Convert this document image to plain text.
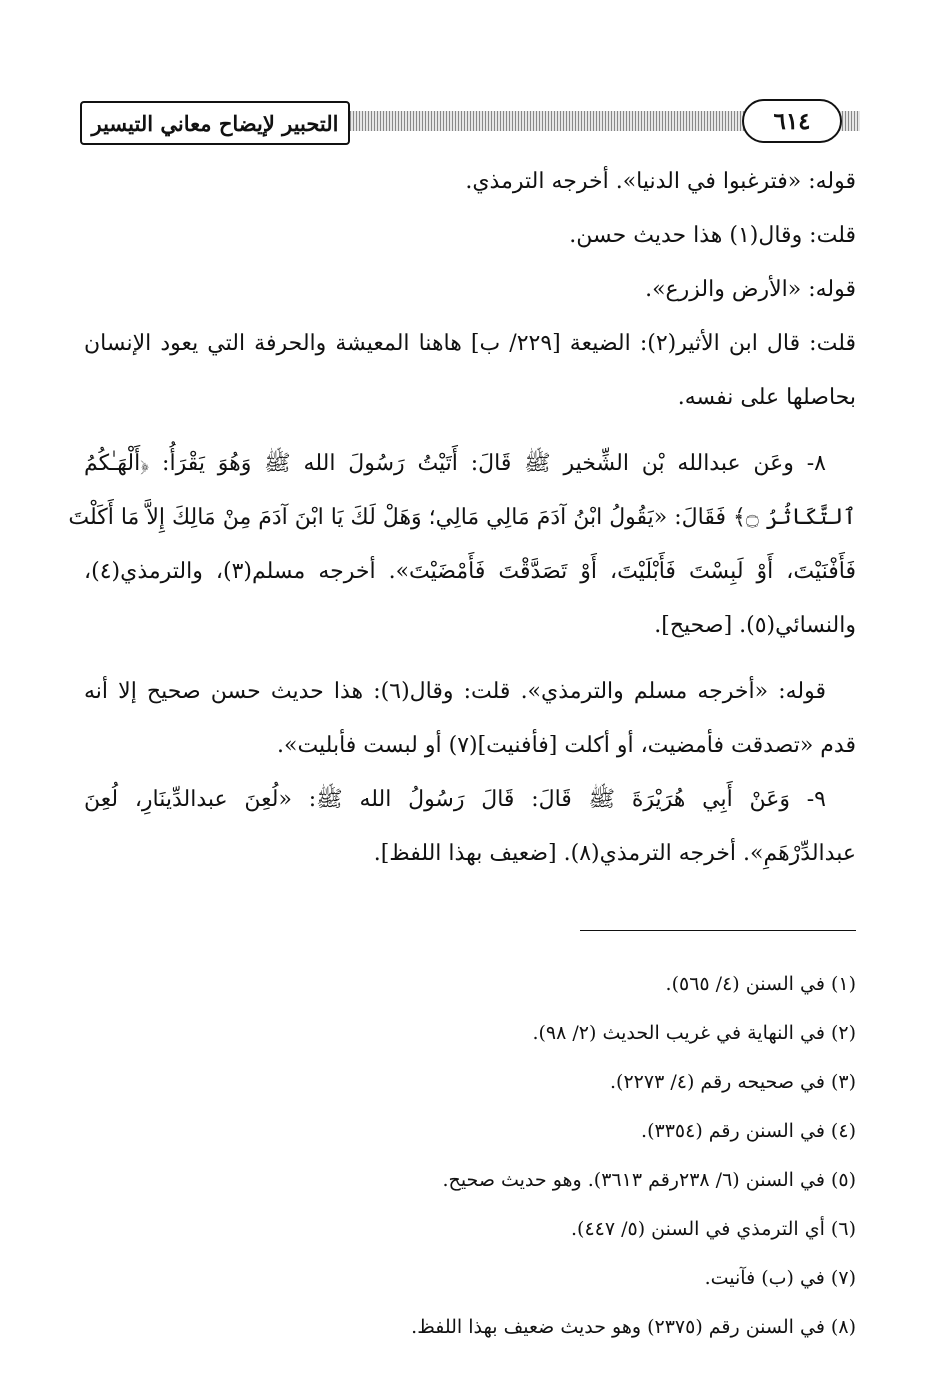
التحبير لإيضاح معاني التيسير	٦١٤
قوله: «فترغبوا في الدنيا». أخرجه الترمذي.
قلت: وقال(١) هذا حديث حسن.
قوله: «الأرض والزرع».
قلت: قال ابن الأثير(٢): الضيعة [٢٢٩/ ب] هاهنا المعيشة والحرفة التي يعود الإنسان
بحاصلها على نفسه.
٨- وعَن عبدالله بْن الشِّخير ﷺ قَالَ: أَتَيْتُ رَسُولَ الله ﷺ وَهُوَ يَقْرَأُ: ﴿أَلْهَـٰكُمُ
ٱلتَّكَاثُرُ ۝﴾ فَقَالَ: «يَقُولُ ابْنُ آدَمَ مَالِي مَالِي؛ وَهَلْ لَكَ يَا ابْنَ آدَمَ مِنْ مَالِكَ إِلاَّ مَا أَكَلْتَ
فَأَفْنَيْتَ، أَوْ لَبِسْتَ فَأَبْلَيْتَ، أَوْ تَصَدَّقْتَ فَأَمْضَيْتَ». أخرجه مسلم(٣)، والترمذي(٤)،
والنسائي(٥). [صحيح].
قوله: «أخرجه مسلم والترمذي». قلت: وقال(٦): هذا حديث حسن صحيح إلا أنه
قدم «تصدقت فأمضيت، أو أكلت [فأفنيت](٧) أو لبست فأبليت».
٩- وَعَنْ أَبِي هُرَيْرَةَ ﷺ قَالَ: قَالَ رَسُولُ الله ﷺ: «لُعِنَ عبدالدِّينَارِ، لُعِنَ
عبدالدِّرْهَمِ». أخرجه الترمذي(٨). [ضعيف بهذا اللفظ].
(١) في السنن (٤/ ٥٦٥).
(٢) في النهاية في غريب الحديث (٢/ ٩٨).
(٣) في صحيحه رقم (٤/ ٢٢٧٣).
(٤) في السنن رقم (٣٣٥٤).
(٥) في السنن (٦/ ٢٣٨رقم ٣٦١٣). وهو حديث صحيح.
(٦) أي الترمذي في السنن (٥/ ٤٤٧).
(٧) في (ب) فآنيت.
(٨) في السنن رقم (٢٣٧٥) وهو حديث ضعيف بهذا اللفظ.
